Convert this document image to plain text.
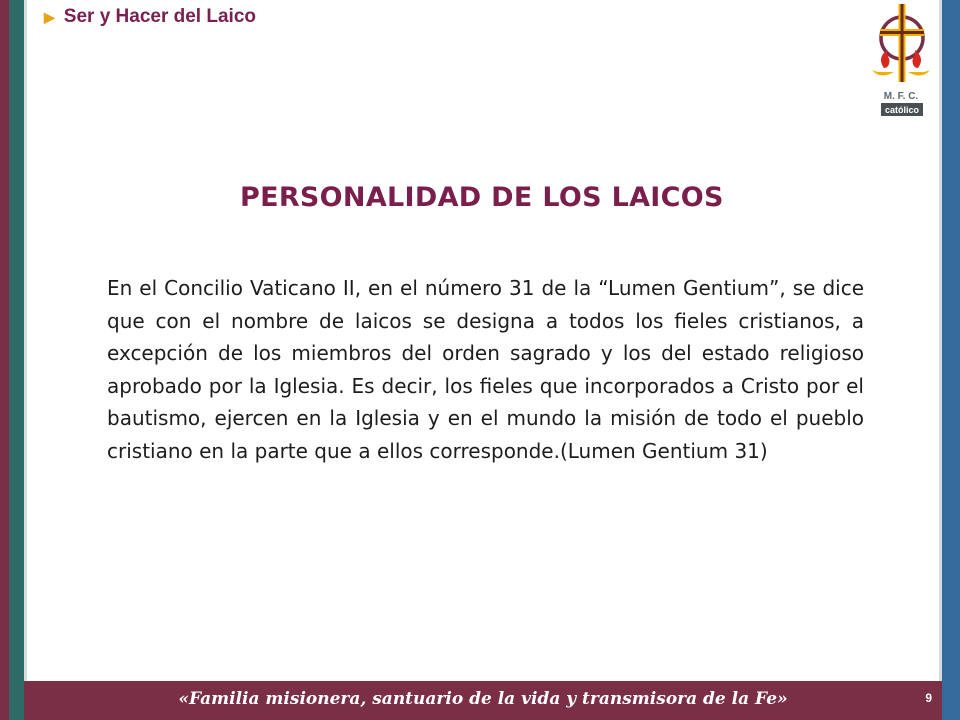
▶ Ser y Hacer del Laico
M. F. C.
católico
PERSONALIDAD DE LOS LAICOS

En el Concilio Vaticano II, en el número 31 de la “Lumen Gentium”, se dice que con el nombre de laicos se designa a todos los fieles cristianos, a excepción de los miembros del orden sagrado y los del estado religioso aprobado por la Iglesia. Es decir, los fieles que incorporados a Cristo por el bautismo, ejercen en la Iglesia y en el mundo la misión de todo el pueblo cristiano en la parte que a ellos corresponde.(Lumen Gentium 31)

«Familia misionera, santuario de la vida y transmisora de la Fe»	9
